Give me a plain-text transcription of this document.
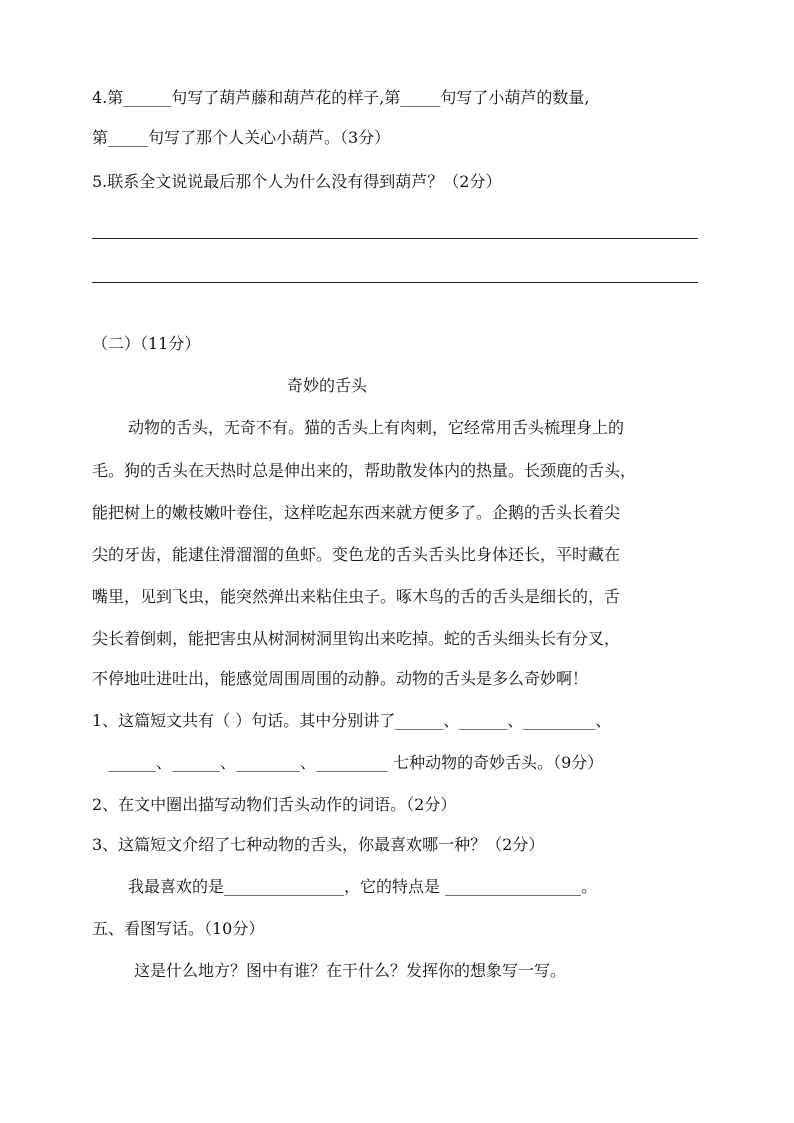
4.第______句写了葫芦藤和葫芦花的样子,第_____句写了小葫芦的数量,
第_____句写了那个人关心小葫芦。（3分）
5.联系全文说说最后那个人为什么没有得到葫芦？（2分）
（二）（11分）
奇妙的舌头
动物的舌头，无奇不有。猫的舌头上有肉刺，它经常用舌头梳理身上的
毛。狗的舌头在天热时总是伸出来的，帮助散发体内的热量。长颈鹿的舌头，
能把树上的嫩枝嫩叶卷住，这样吃起东西来就方便多了。企鹅的舌头长着尖
尖的牙齿，能逮住滑溜溜的鱼虾。变色龙的舌头舌头比身体还长，平时藏在
嘴里，见到飞虫，能突然弹出来粘住虫子。啄木鸟的舌的舌头是细长的，舌
尖长着倒刺，能把害虫从树洞树洞里钩出来吃掉。蛇的舌头细头长有分叉，
不停地吐进吐出，能感觉周围周围的动静。动物的舌头是多么奇妙啊！
1、这篇短文共有（ ）句话。其中分别讲了______、______、_________、
______、______、________、_________ 七种动物的奇妙舌头。（9分）
2、在文中圈出描写动物们舌头动作的词语。（2分）
3、这篇短文介绍了七种动物的舌头，你最喜欢哪一种？（2分）
我最喜欢的是_______________，它的特点是 _________________。
五、看图写话。（10分）
这是什么地方？图中有谁？在干什么？发挥你的想象写一写。
